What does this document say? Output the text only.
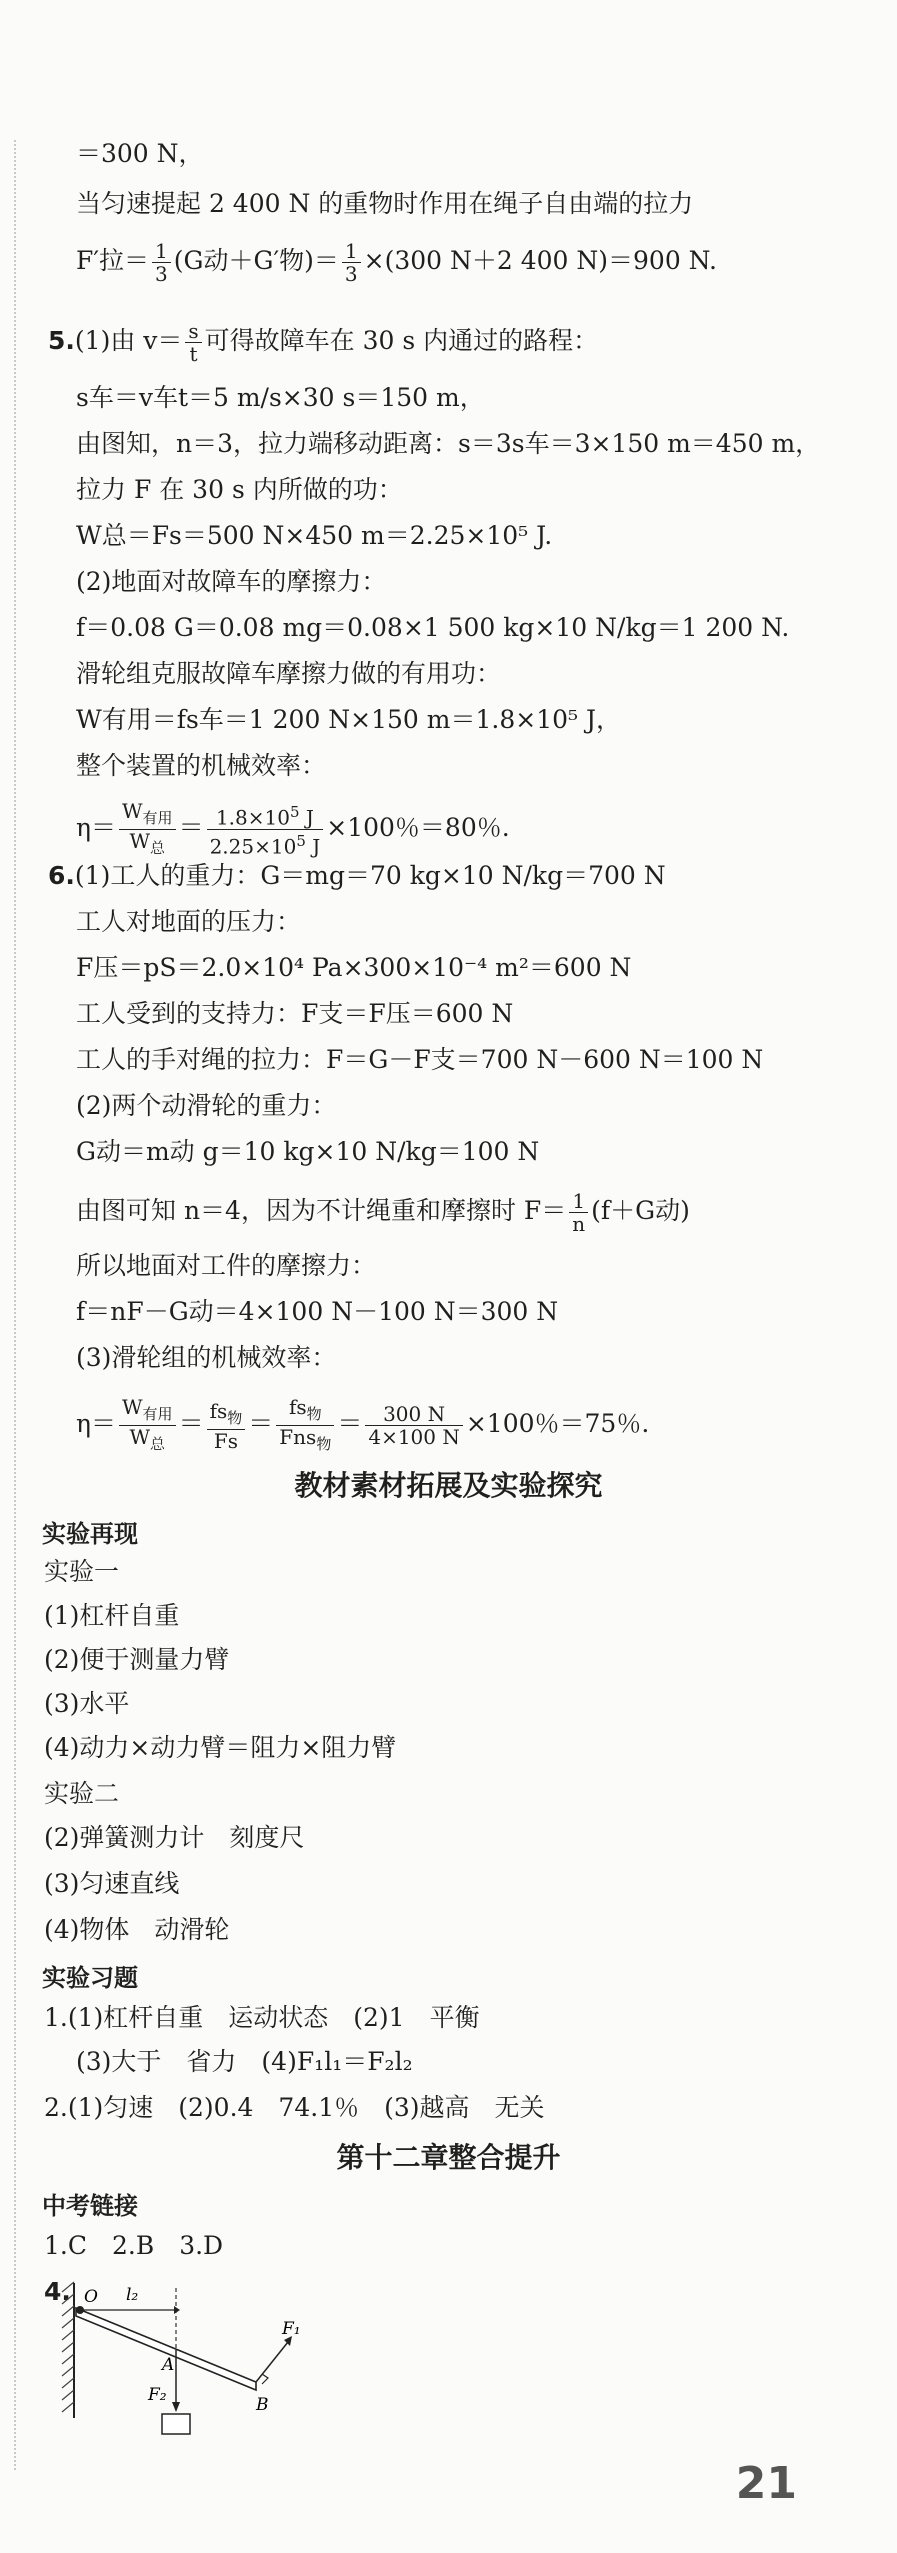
＝300 N，
当匀速提起 2 400 N 的重物时作用在绳子自由端的拉力
F′拉＝ $\frac{1}{3} (G$动＋G′物)＝ $\frac{1}{3} \times(300$ N＋2 400 N)＝900 N.
5.(1)由 $v= \frac{s}{t}$ 可得故障车在 30 s 内通过的路程：
s车＝v车t＝5 m/s×30 s＝150 m，
由图知，n＝3，拉力端移动距离：s＝3s车＝3×150 m＝450 m，
拉力 F 在 30 s 内所做的功：
W总＝Fs＝500 N×450 m＝2.25×10⁵ J.
(2)地面对故障车的摩擦力：
f＝0.08 G＝0.08 mg＝0.08×1 500 kg×10 N/kg＝1 200 N.
滑轮组克服故障车摩擦力做的有用功：
W有用＝fs车＝1 200 N×150 m＝1.8×10⁵ J，
整个装置的机械效率：
$\eta= \frac{W_{有用}}{W_总} = \frac{1.8\times 10^5 J}{2.25\times 10^5 J} \times 100$％＝80％.
6.(1)工人的重力：G＝mg＝70 kg×10 N/kg＝700 N
工人对地面的压力：
F压＝pS＝2.0×10⁴ Pa×300×10⁻⁴ m²＝600 N
工人受到的支持力：F支＝F压＝600 N
工人的手对绳的拉力：F＝G－F支＝700 N－600 N＝100 N
(2)两个动滑轮的重力：
G动＝m动 g＝10 kg×10 N/kg＝100 N
由图可知 n＝4，因为不计绳重和摩擦时 $F= \frac{1}{n} (f+G$动)
所以地面对工件的摩擦力：
f＝nF－G动＝4×100 N－100 N＝300 N
(3)滑轮组的机械效率：
$\eta= \frac{W_{有用}}{W_总} = \frac{fs_物}{Fs} = \frac{fs_物}{Fns_物} = \frac{300 N}{4\times 100 N} \times 100$％＝75％.
教材素材拓展及实验探究
实验再现
实验一
(1)杠杆自重
(2)便于测量力臂
(3)水平
(4)动力×动力臂＝阻力×阻力臂
实验二
(2)弹簧测力计　刻度尺
(3)匀速直线
(4)物体　动滑轮
实验习题
1.(1)杠杆自重　运动状态　(2)1　平衡
(3)大于　省力　(4)F₁l₁＝F₂l₂
2.(1)匀速　(2)0.4　74.1％　(3)越高　无关
第十二章整合提升
中考链接
1.C　2.B　3.D
4. O l₂
F₁
A
B
F₂
21
